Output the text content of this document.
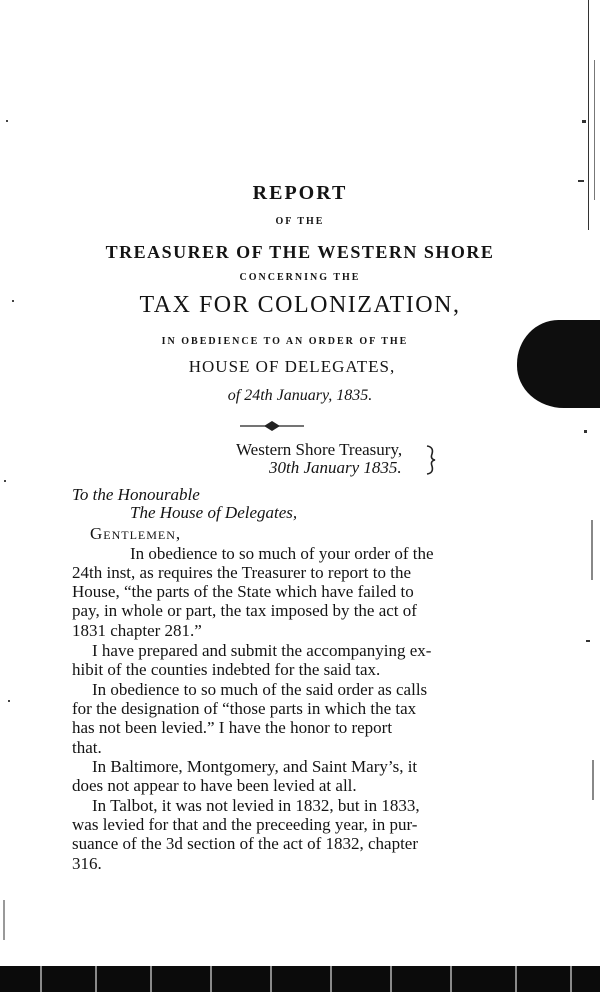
REPORT
OF THE
TREASURER OF THE WESTERN SHORE
CONCERNING THE
TAX FOR COLONIZATION,
IN OBEDIENCE TO AN ORDER OF THE
HOUSE OF DELEGATES,
of 24th January, 1835.
Western Shore Treasury,
30th January 1835.
To the Honourable
The House of Delegates,
Gentlemen,
In obedience to so much of your order of the
24th inst, as requires the Treasurer to report to the
House, “the parts of the State which have failed to
pay, in whole or part, the tax imposed by the act of
1831 chapter 281.”
I have prepared and submit the accompanying ex-
hibit of the counties indebted for the said tax.
In obedience to so much of the said order as calls
for the designation of “those parts in which the tax
has not been levied.” I have the honor to report
that.
In Baltimore, Montgomery, and Saint Mary’s, it
does not appear to have been levied at all.
In Talbot, it was not levied in 1832, but in 1833,
was levied for that and the preceeding year, in pur-
suance of the 3d section of the act of 1832, chapter
316.
